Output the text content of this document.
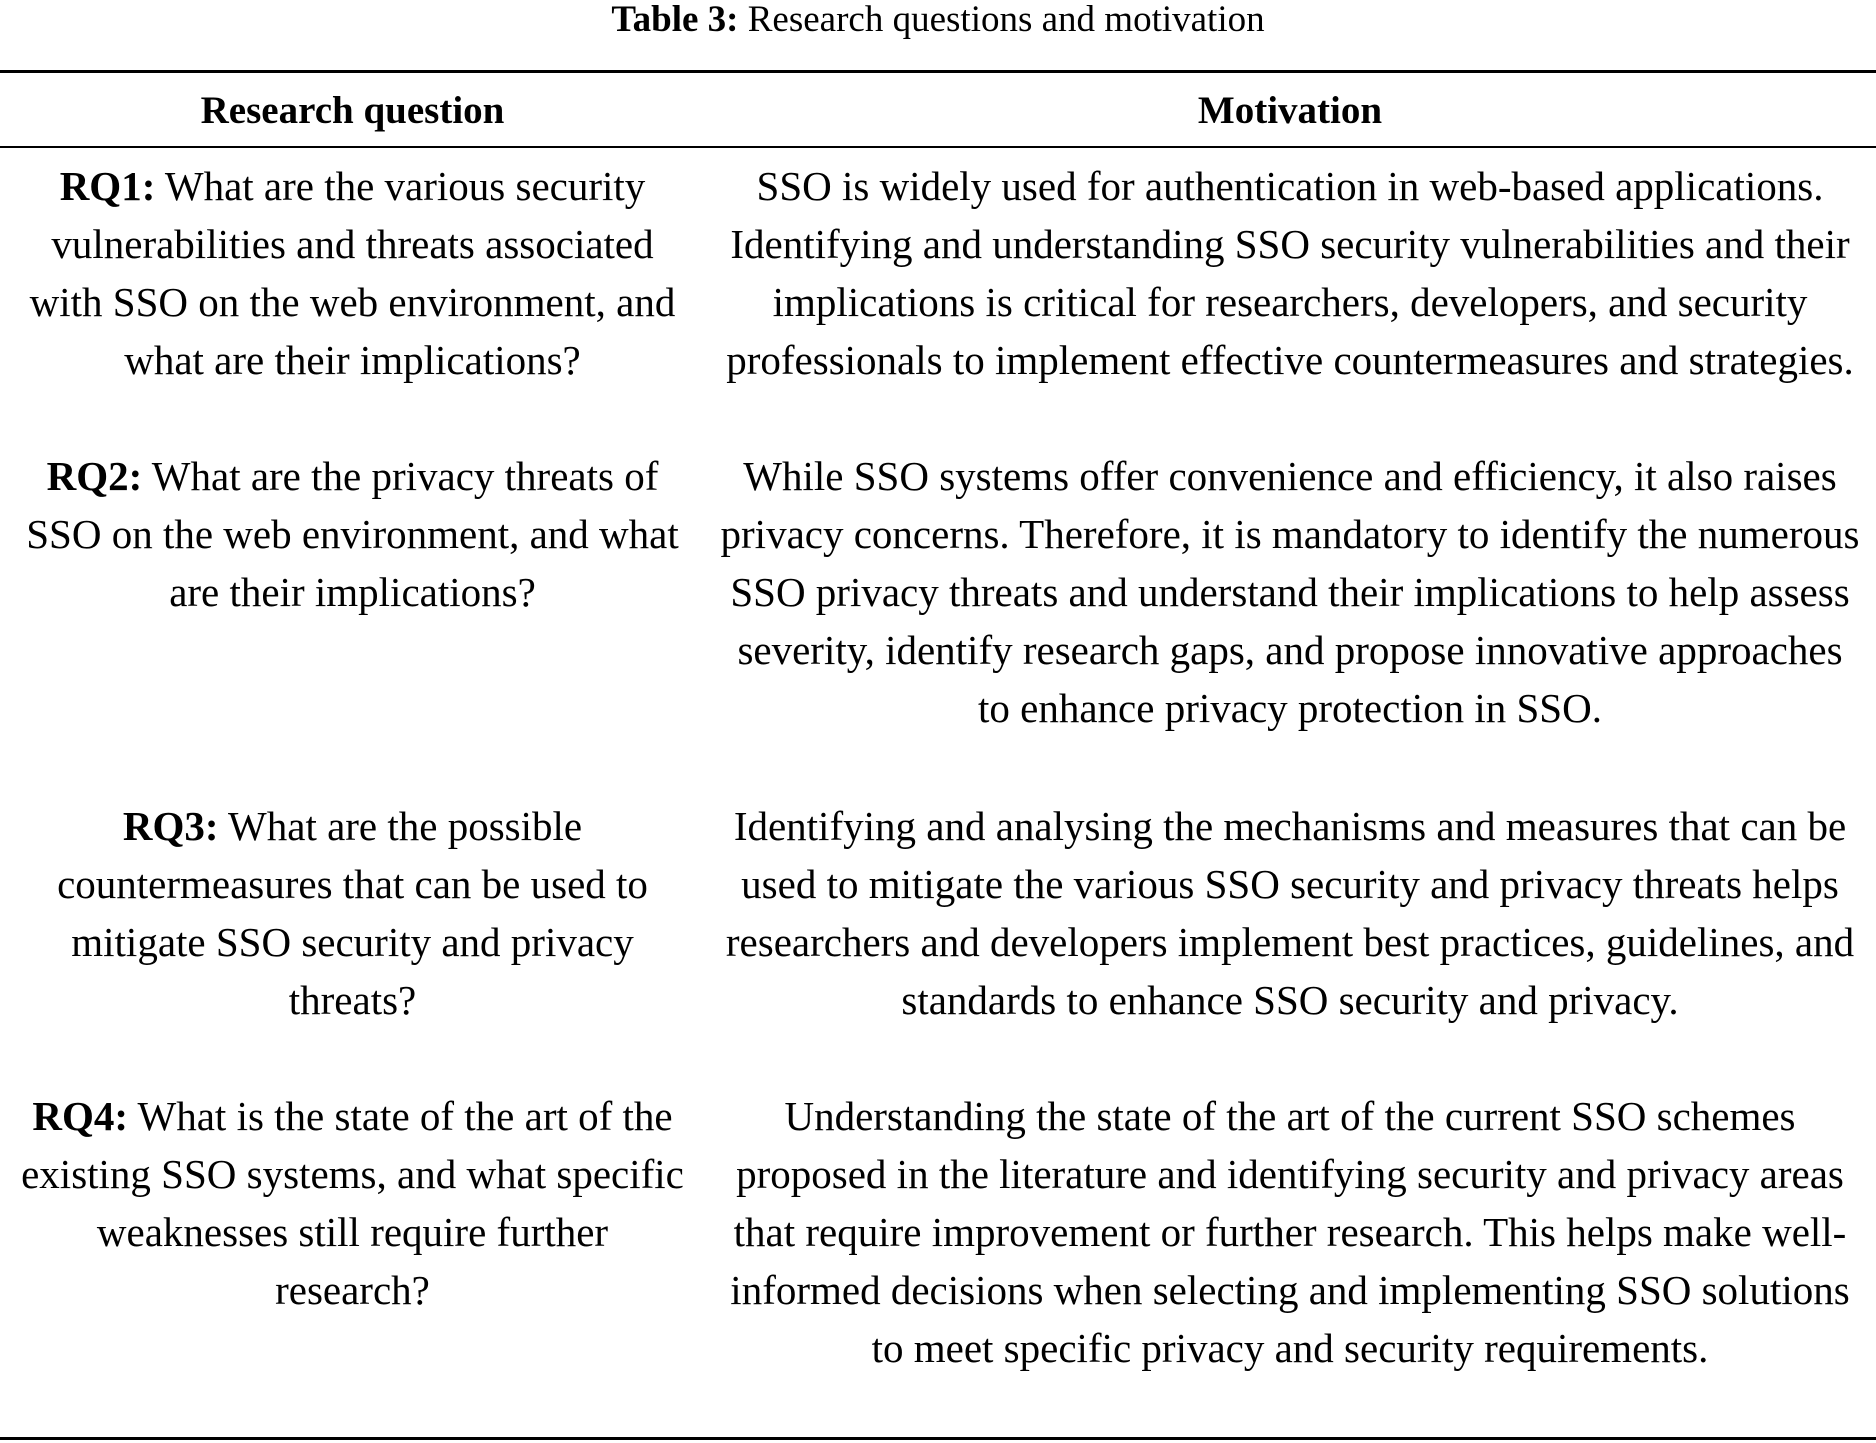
Table 3: Research questions and motivation
Research question	Motivation
RQ1: What are the various security vulnerabilities and threats associated with SSO on the web environment, and what are their implications?
SSO is widely used for authentication in web-based applications. Identifying and understanding SSO security vulnerabilities and their implications is critical for researchers, developers, and security professionals to implement effective countermeasures and strategies.
RQ2: What are the privacy threats of SSO on the web environment, and what are their implications?
While SSO systems offer convenience and efficiency, it also raises privacy concerns. Therefore, it is mandatory to identify the numerous SSO privacy threats and understand their implications to help assess severity, identify research gaps, and propose innovative approaches to enhance privacy protection in SSO.
RQ3: What are the possible countermeasures that can be used to mitigate SSO security and privacy threats?
Identifying and analysing the mechanisms and measures that can be used to mitigate the various SSO security and privacy threats helps researchers and developers implement best practices, guidelines, and standards to enhance SSO security and privacy.
RQ4: What is the state of the art of the existing SSO systems, and what specific weaknesses still require further research?
Understanding the state of the art of the current SSO schemes proposed in the literature and identifying security and privacy areas that require improvement or further research. This helps make well-informed decisions when selecting and implementing SSO solutions to meet specific privacy and security requirements.
